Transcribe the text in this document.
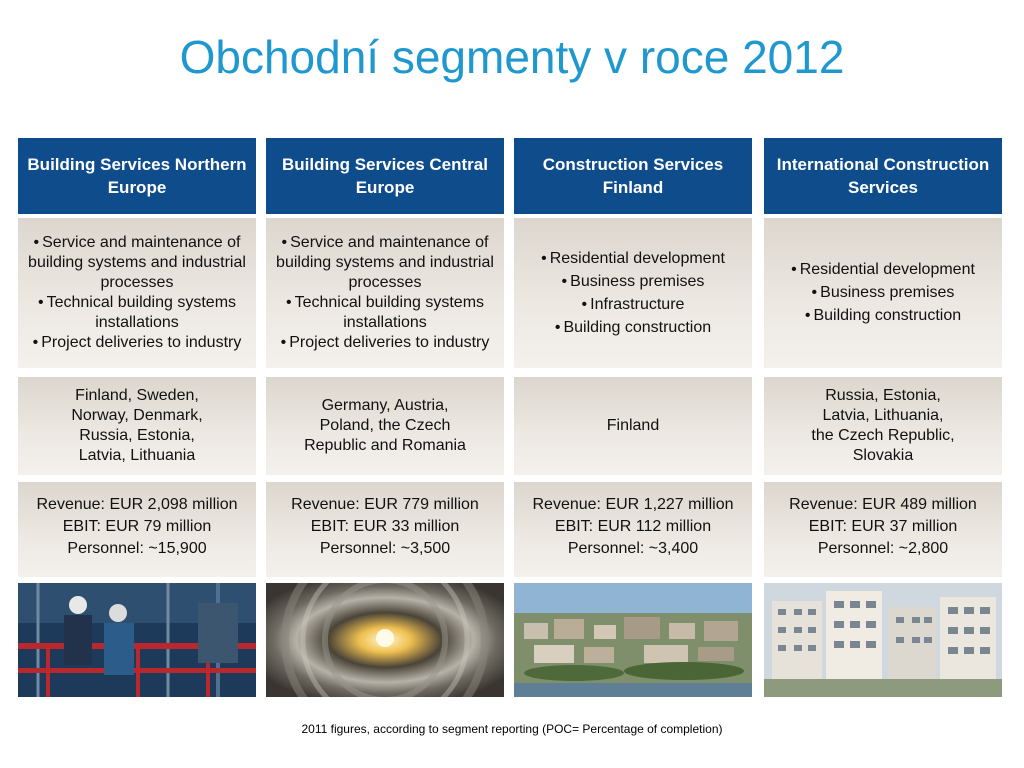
Obchodní segmenty v roce 2012
Building Services Northern Europe
• Service and maintenance of building systems and industrial processes
• Technical building systems installations
• Project deliveries to industry
Finland, Sweden,
Norway, Denmark,
Russia, Estonia,
Latvia, Lithuania
Revenue: EUR 2,098 million
EBIT: EUR 79 million
Personnel: ~15,900
Building Services Central Europe
• Service and maintenance of building systems and industrial processes
• Technical building systems installations
• Project deliveries to industry
Germany, Austria,
Poland, the Czech
Republic and Romania
Revenue: EUR 779 million
EBIT: EUR 33 million
Personnel: ~3,500
Construction Services Finland
• Residential development
• Business premises
• Infrastructure
• Building construction
Finland
Revenue: EUR 1,227 million
EBIT: EUR 112 million
Personnel: ~3,400
International Construction Services
• Residential development
• Business premises
• Building construction
Russia, Estonia,
Latvia, Lithuania,
the Czech Republic,
Slovakia
Revenue: EUR 489 million
EBIT: EUR 37 million
Personnel: ~2,800
2011 figures, according to segment reporting (POC= Percentage of completion)
